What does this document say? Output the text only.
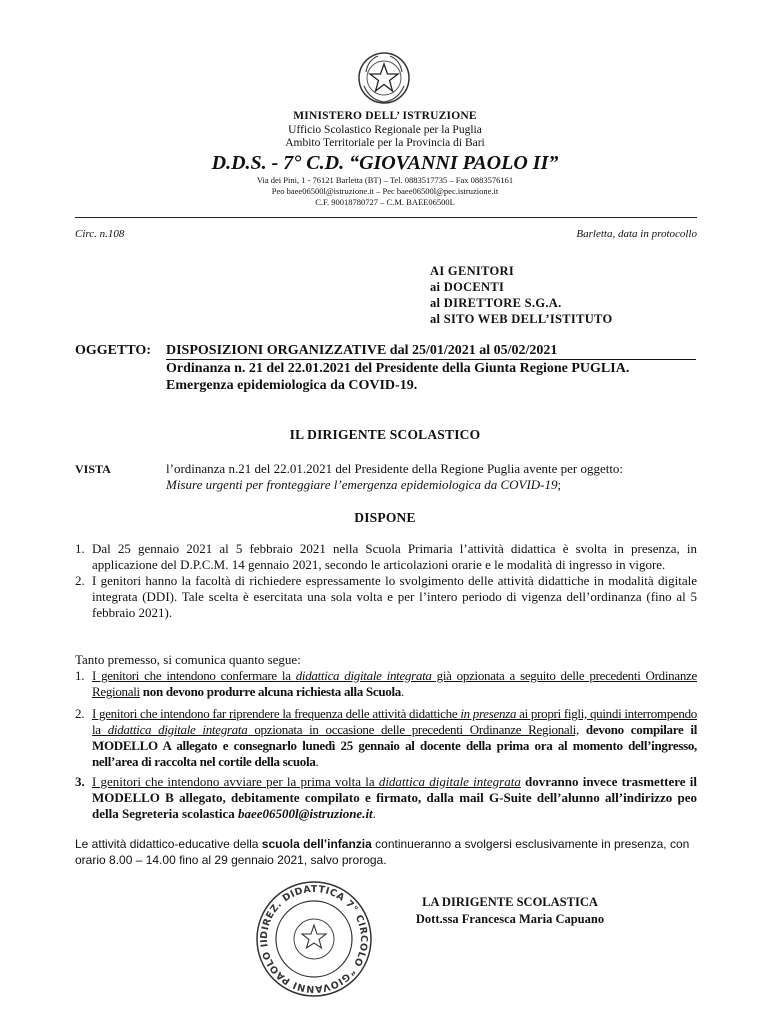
MINISTERO DELL’ ISTRUZIONE
Ufficio Scolastico Regionale per la Puglia
Ambito Territoriale per la Provincia di Bari
D.D.S. - 7° C.D. “GIOVANNI PAOLO II”
Via dei Pini, 1 - 76121 Barletta (BT) – Tel. 0883517735 – Fax 0883576161
Peo baee06500l@istruzione.it – Pec baee06500l@pec.istruzione.it
C.F. 90018780727 – C.M. BAEE06500L
Circ. n.108	Barletta, data in protocollo
AI GENITORI
ai DOCENTI
al DIRETTORE S.G.A.
al SITO WEB DELL’ISTITUTO
OGGETTO: DISPOSIZIONI ORGANIZZATIVE dal 25/01/2021 al 05/02/2021
Ordinanza n. 21 del 22.01.2021 del Presidente della Giunta Regione PUGLIA.
Emergenza epidemiologica da COVID-19.
IL DIRIGENTE SCOLASTICO
VISTA	l’ordinanza n.21 del 22.01.2021 del Presidente della Regione Puglia avente per oggetto:
Misure urgenti per fronteggiare l’emergenza epidemiologica da COVID-19;
DISPONE
1. Dal 25 gennaio 2021 al 5 febbraio 2021 nella Scuola Primaria l’attività didattica è svolta in presenza, in applicazione del D.P.C.M. 14 gennaio 2021, secondo le articolazioni orarie e le modalità di ingresso in vigore.
2. I genitori hanno la facoltà di richiedere espressamente lo svolgimento delle attività didattiche in modalità digitale integrata (DDI). Tale scelta è esercitata una sola volta e per l’intero periodo di vigenza dell’ordinanza (fino al 5 febbraio 2021).
Tanto premesso, si comunica quanto segue:
1. I genitori che intendono confermare la didattica digitale integrata già opzionata a seguito delle precedenti Ordinanze Regionali non devono produrre alcuna richiesta alla Scuola.
2. I genitori che intendono far riprendere la frequenza delle attività didattiche in presenza ai propri figli, quindi interrompendo la didattica digitale integrata opzionata in occasione delle precedenti Ordinanze Regionali, devono compilare il MODELLO A allegato e consegnarlo lunedì 25 gennaio al docente della prima ora al momento dell’ingresso, nell’area di raccolta nel cortile della scuola.
3. I genitori che intendono avviare per la prima volta la didattica digitale integrata dovranno invece trasmettere il MODELLO B allegato, debitamente compilato e firmato, dalla mail G-Suite dell’alunno all’indirizzo peo della Segreteria scolastica baee06500l@istruzione.it.
Le attività didattico-educative della scuola dell’infanzia continueranno a svolgersi esclusivamente in presenza, con orario 8.00 – 14.00 fino al 29 gennaio 2021, salvo proroga.
DIREZ. DIDATTICA 7° CIRCOLO “GIOVANNI PAOLO II
LA DIRIGENTE SCOLASTICA
Dott.ssa Francesca Maria Capuano
